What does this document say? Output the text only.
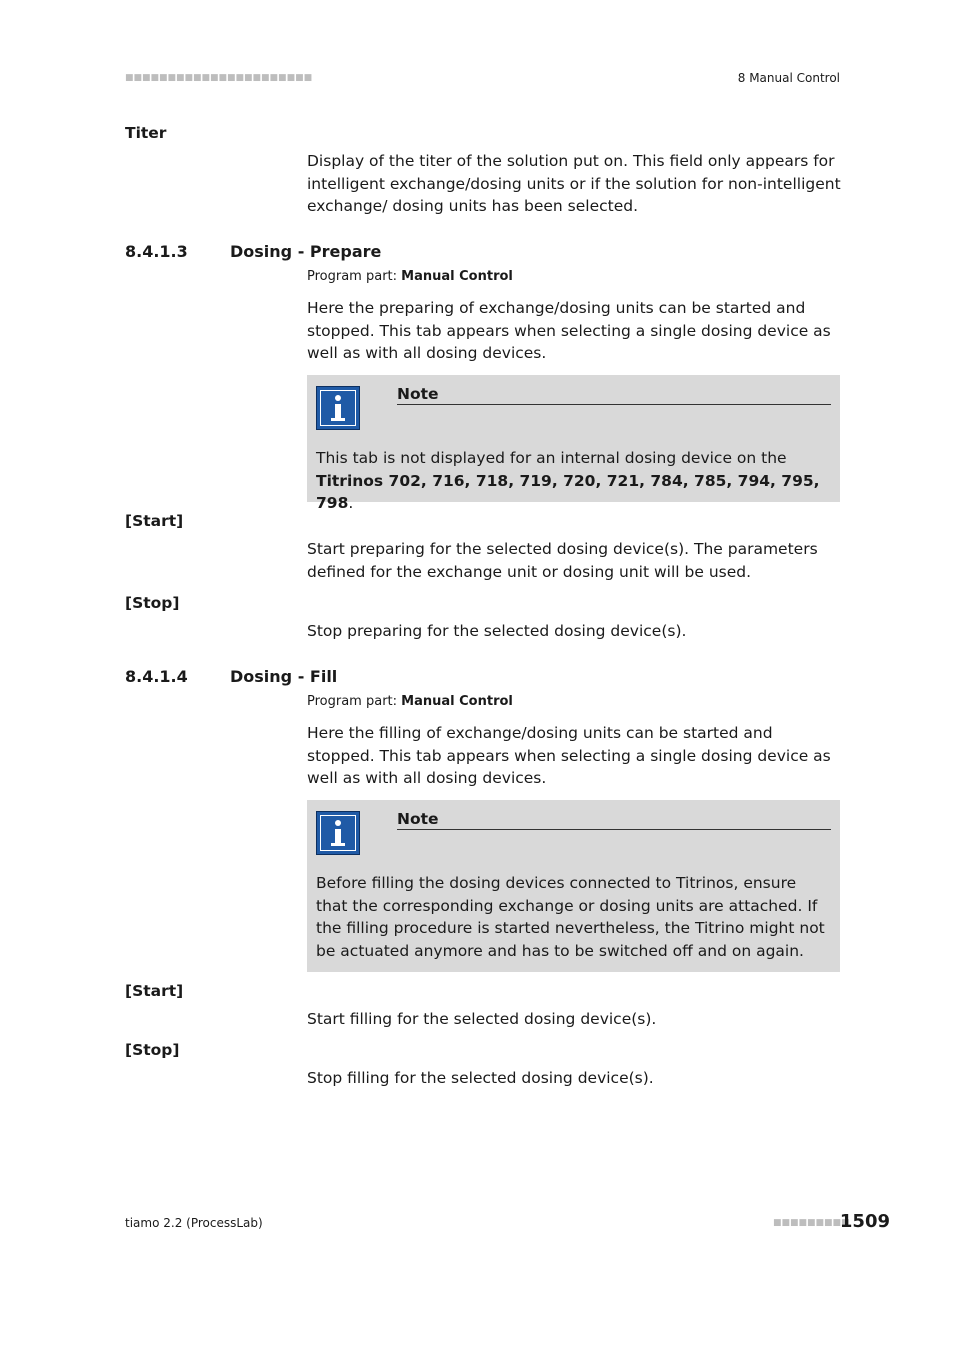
■■■■■■■■■■■■■■■■■■■■■■	8 Manual Control
Titer
Display of the titer of the solution put on. This field only appears for intelligent exchange/dosing units or if the solution for non-intelligent exchange/ dosing units has been selected.
8.4.1.3	Dosing - Prepare
Program part: Manual Control
Here the preparing of exchange/dosing units can be started and stopped. This tab appears when selecting a single dosing device as well as with all dosing devices.
Note
This tab is not displayed for an internal dosing device on the Titrinos 702, 716, 718, 719, 720, 721, 784, 785, 794, 795, 798.
[Start]
Start preparing for the selected dosing device(s). The parameters defined for the exchange unit or dosing unit will be used.
[Stop]
Stop preparing for the selected dosing device(s).
8.4.1.4	Dosing - Fill
Program part: Manual Control
Here the filling of exchange/dosing units can be started and stopped. This tab appears when selecting a single dosing device as well as with all dosing devices.
Note
Before filling the dosing devices connected to Titrinos, ensure that the corresponding exchange or dosing units are attached. If the filling procedure is started nevertheless, the Titrino might not be actuated anymore and has to be switched off and on again.
[Start]
Start filling for the selected dosing device(s).
[Stop]
Stop filling for the selected dosing device(s).
tiamo 2.2 (ProcessLab)	■■■■■■■■■
1509
